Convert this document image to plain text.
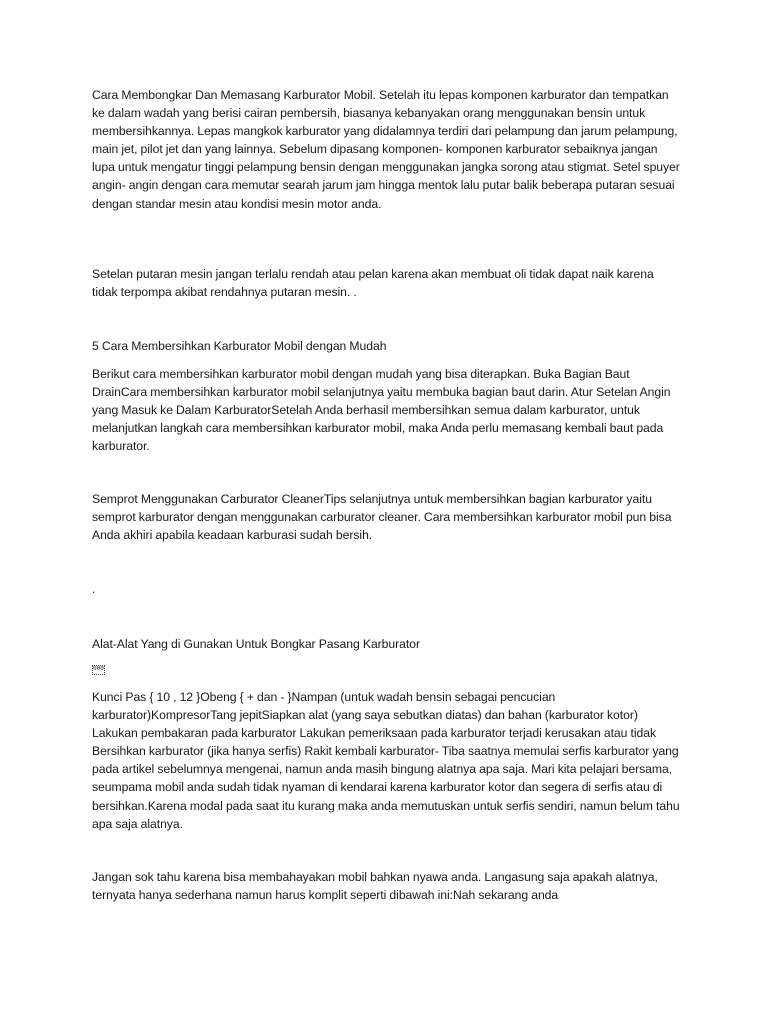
Cara Membongkar Dan Memasang Karburator Mobil. Setelah itu lepas komponen karburator dan tempatkan ke dalam wadah yang berisi cairan pembersih, biasanya kebanyakan orang menggunakan bensin untuk membersihkannya. Lepas mangkok karburator yang didalamnya terdiri dari pelampung dan jarum pelampung, main jet, pilot jet dan yang lainnya. Sebelum dipasang komponen- komponen karburator sebaiknya jangan lupa untuk mengatur tinggi pelampung bensin dengan menggunakan jangka sorong atau stigmat. Setel spuyer angin- angin dengan cara memutar searah jarum jam hingga mentok lalu putar balik beberapa putaran sesuai dengan standar mesin atau kondisi mesin motor anda.

Setelan putaran mesin jangan terlalu rendah atau pelan karena akan membuat oli tidak dapat naik karena tidak terpompa akibat rendahnya putaran mesin. .

5 Cara Membersihkan Karburator Mobil dengan Mudah

Berikut cara membersihkan karburator mobil dengan mudah yang bisa diterapkan. Buka Bagian Baut DrainCara membersihkan karburator mobil selanjutnya yaitu membuka bagian baut darin. Atur Setelan Angin yang Masuk ke Dalam KarburatorSetelah Anda berhasil membersihkan semua dalam karburator, untuk melanjutkan langkah cara membersihkan karburator mobil, maka Anda perlu memasang kembali baut pada karburator.

Semprot Menggunakan Carburator CleanerTips selanjutnya untuk membersihkan bagian karburator yaitu semprot karburator dengan menggunakan carburator cleaner. Cara membersihkan karburator mobil pun bisa Anda akhiri apabila keadaan karburasi sudah bersih.

.

Alat-Alat Yang di Gunakan Untuk Bongkar Pasang Karburator

000

Kunci Pas { 10 , 12 }Obeng { + dan - }Nampan (untuk wadah bensin sebagai pencucian karburator)KompresorTang jepitSiapkan alat (yang saya sebutkan diatas) dan bahan (karburator kotor) Lakukan pembakaran pada karburator Lakukan pemeriksaan pada karburator terjadi kerusakan atau tidak Bersihkan karburator (jika hanya serfis) Rakit kembali karburator- Tiba saatnya memulai serfis karburator yang pada artikel sebelumnya mengenai, namun anda masih bingung alatnya apa saja. Mari kita pelajari bersama, seumpama mobil anda sudah tidak nyaman di kendarai karena karburator kotor dan segera di serfis atau di bersihkan.Karena modal pada saat itu kurang maka anda memutuskan untuk serfis sendiri, namun belum tahu apa saja alatnya.

Jangan sok tahu karena bisa membahayakan mobil bahkan nyawa anda. Langasung saja apakah alatnya, ternyata hanya sederhana namun harus komplit seperti dibawah ini:Nah sekarang anda
